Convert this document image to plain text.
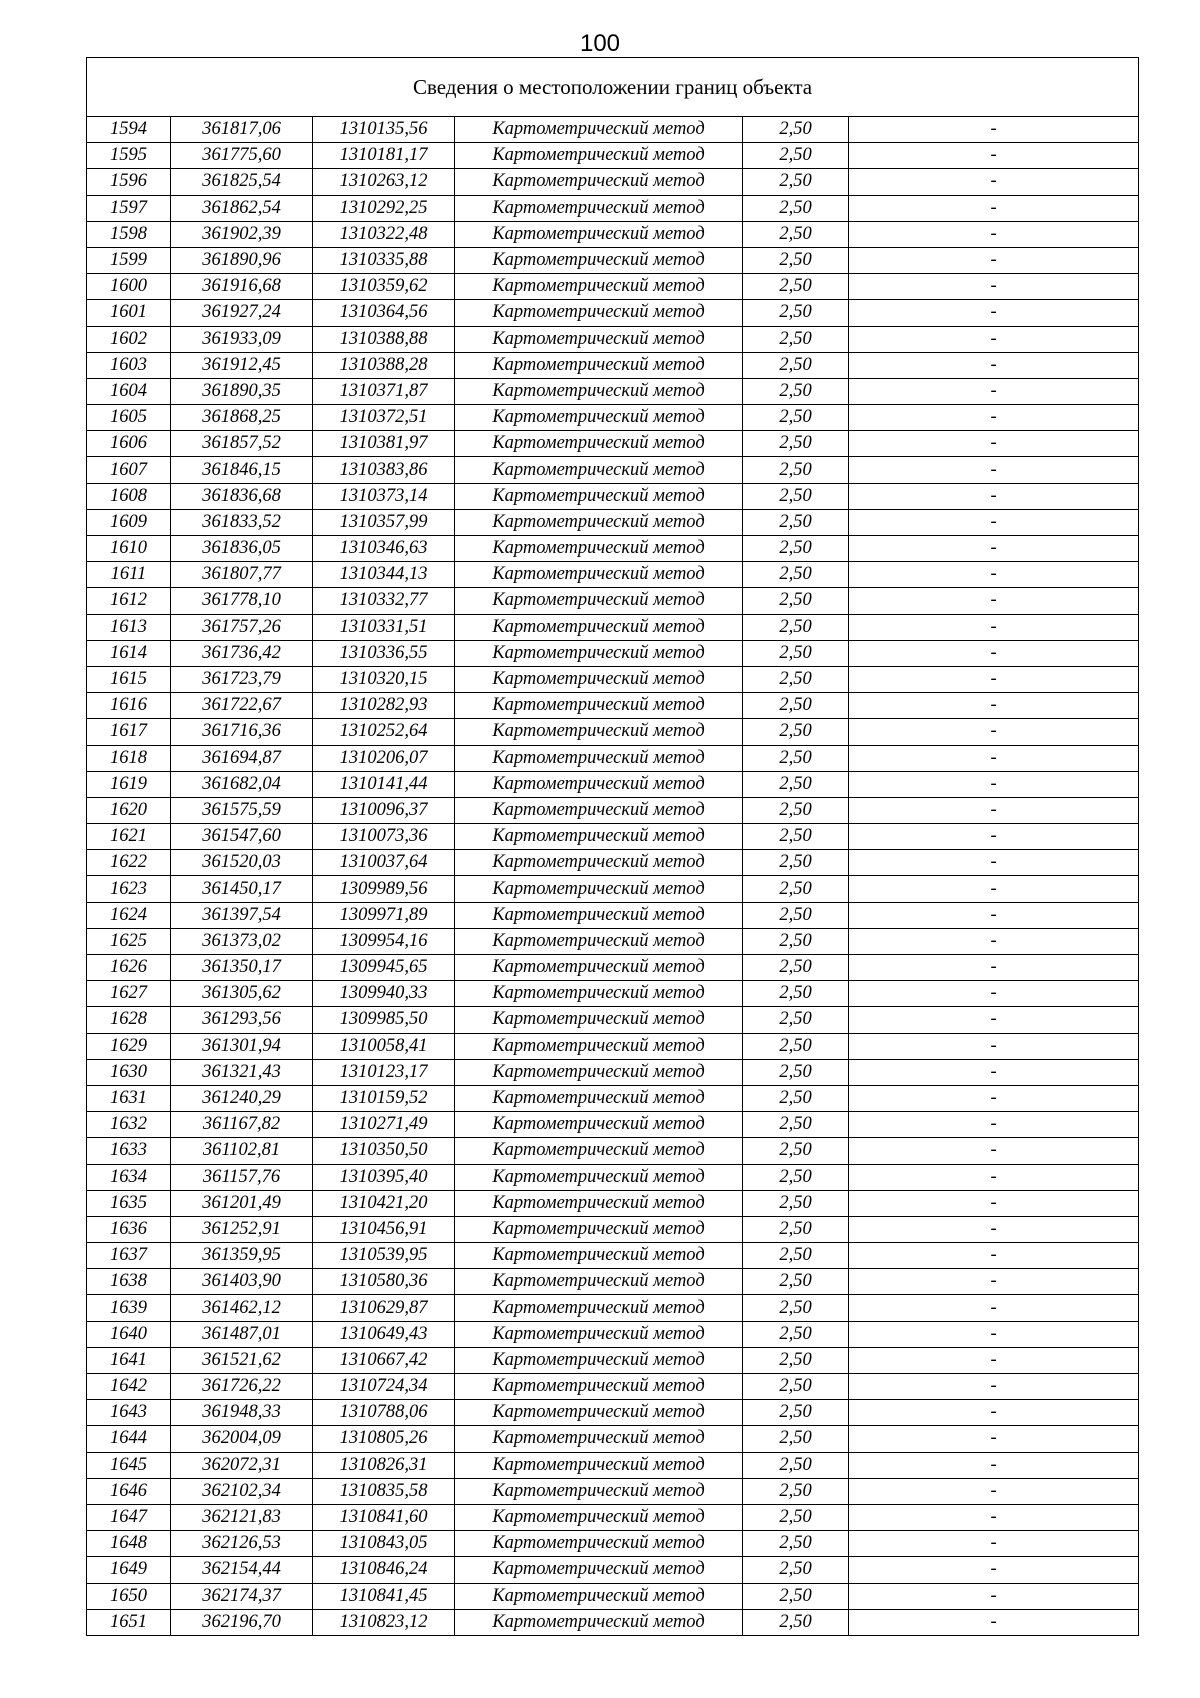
100
Сведения о местоположении границ объекта					
1594	361817,06	1310135,56	Картометрический метод	2,50	-
1595	361775,60	1310181,17	Картометрический метод	2,50	-
1596	361825,54	1310263,12	Картометрический метод	2,50	-
1597	361862,54	1310292,25	Картометрический метод	2,50	-
1598	361902,39	1310322,48	Картометрический метод	2,50	-
1599	361890,96	1310335,88	Картометрический метод	2,50	-
1600	361916,68	1310359,62	Картометрический метод	2,50	-
1601	361927,24	1310364,56	Картометрический метод	2,50	-
1602	361933,09	1310388,88	Картометрический метод	2,50	-
1603	361912,45	1310388,28	Картометрический метод	2,50	-
1604	361890,35	1310371,87	Картометрический метод	2,50	-
1605	361868,25	1310372,51	Картометрический метод	2,50	-
1606	361857,52	1310381,97	Картометрический метод	2,50	-
1607	361846,15	1310383,86	Картометрический метод	2,50	-
1608	361836,68	1310373,14	Картометрический метод	2,50	-
1609	361833,52	1310357,99	Картометрический метод	2,50	-
1610	361836,05	1310346,63	Картометрический метод	2,50	-
1611	361807,77	1310344,13	Картометрический метод	2,50	-
1612	361778,10	1310332,77	Картометрический метод	2,50	-
1613	361757,26	1310331,51	Картометрический метод	2,50	-
1614	361736,42	1310336,55	Картометрический метод	2,50	-
1615	361723,79	1310320,15	Картометрический метод	2,50	-
1616	361722,67	1310282,93	Картометрический метод	2,50	-
1617	361716,36	1310252,64	Картометрический метод	2,50	-
1618	361694,87	1310206,07	Картометрический метод	2,50	-
1619	361682,04	1310141,44	Картометрический метод	2,50	-
1620	361575,59	1310096,37	Картометрический метод	2,50	-
1621	361547,60	1310073,36	Картометрический метод	2,50	-
1622	361520,03	1310037,64	Картометрический метод	2,50	-
1623	361450,17	1309989,56	Картометрический метод	2,50	-
1624	361397,54	1309971,89	Картометрический метод	2,50	-
1625	361373,02	1309954,16	Картометрический метод	2,50	-
1626	361350,17	1309945,65	Картометрический метод	2,50	-
1627	361305,62	1309940,33	Картометрический метод	2,50	-
1628	361293,56	1309985,50	Картометрический метод	2,50	-
1629	361301,94	1310058,41	Картометрический метод	2,50	-
1630	361321,43	1310123,17	Картометрический метод	2,50	-
1631	361240,29	1310159,52	Картометрический метод	2,50	-
1632	361167,82	1310271,49	Картометрический метод	2,50	-
1633	361102,81	1310350,50	Картометрический метод	2,50	-
1634	361157,76	1310395,40	Картометрический метод	2,50	-
1635	361201,49	1310421,20	Картометрический метод	2,50	-
1636	361252,91	1310456,91	Картометрический метод	2,50	-
1637	361359,95	1310539,95	Картометрический метод	2,50	-
1638	361403,90	1310580,36	Картометрический метод	2,50	-
1639	361462,12	1310629,87	Картометрический метод	2,50	-
1640	361487,01	1310649,43	Картометрический метод	2,50	-
1641	361521,62	1310667,42	Картометрический метод	2,50	-
1642	361726,22	1310724,34	Картометрический метод	2,50	-
1643	361948,33	1310788,06	Картометрический метод	2,50	-
1644	362004,09	1310805,26	Картометрический метод	2,50	-
1645	362072,31	1310826,31	Картометрический метод	2,50	-
1646	362102,34	1310835,58	Картометрический метод	2,50	-
1647	362121,83	1310841,60	Картометрический метод	2,50	-
1648	362126,53	1310843,05	Картометрический метод	2,50	-
1649	362154,44	1310846,24	Картометрический метод	2,50	-
1650	362174,37	1310841,45	Картометрический метод	2,50	-
1651	362196,70	1310823,12	Картометрический метод	2,50	-
